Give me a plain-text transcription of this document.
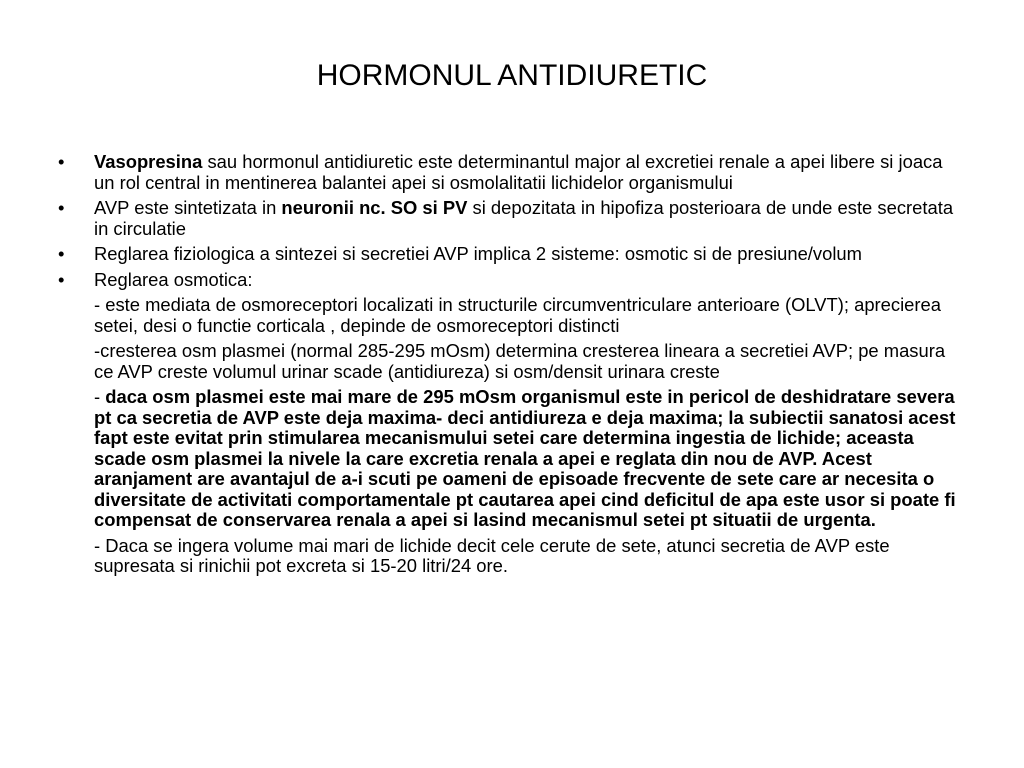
HORMONUL ANTIDIURETIC
• Vasopresina sau hormonul antidiuretic este determinantul major al excretiei renale a apei libere si joaca un rol central in mentinerea balantei apei si osmolalitatii lichidelor organismului
• AVP este sintetizata in neuronii nc. SO si PV si depozitata in hipofiza posterioara de unde este secretata in circulatie
• Reglarea fiziologica a sintezei si secretiei AVP implica 2 sisteme: osmotic si de presiune/volum
• Reglarea osmotica:
- este mediata de osmoreceptori localizati in structurile circumventriculare anterioare (OLVT); aprecierea setei, desi o functie corticala , depinde de osmoreceptori distincti
-cresterea osm plasmei (normal 285-295 mOsm) determina cresterea lineara a secretiei AVP; pe masura ce AVP creste volumul urinar scade (antidiureza) si osm/densit urinara creste
- daca osm plasmei este mai mare de 295 mOsm organismul este in pericol de deshidratare severa pt ca secretia de AVP este deja maxima- deci antidiureza e deja maxima; la subiectii sanatosi acest fapt este evitat prin stimularea mecanismului setei care determina ingestia de lichide; aceasta scade osm plasmei la nivele la care excretia renala a apei e reglata din nou de AVP. Acest aranjament are avantajul de a-i scuti pe oameni de episoade frecvente de sete care ar necesita o diversitate de activitati comportamentale pt cautarea apei cind deficitul de apa este usor si poate fi compensat de conservarea renala a apei si lasind mecanismul setei pt situatii de urgenta.
- Daca se ingera volume mai mari de lichide decit cele cerute de sete, atunci secretia de AVP este supresata si rinichii pot excreta si 15-20 litri/24 ore.
